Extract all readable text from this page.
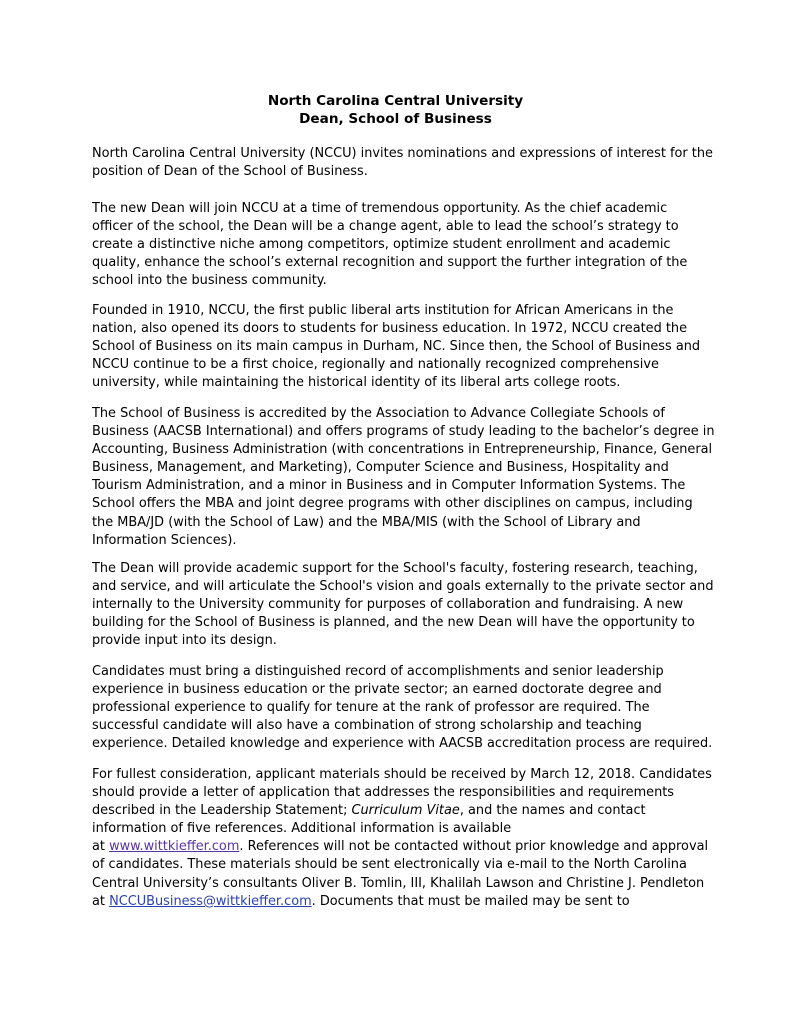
North Carolina Central University
Dean, School of Business
North Carolina Central University (NCCU) invites nominations and expressions of interest for the
position of Dean of the School of Business.
The new Dean will join NCCU at a time of tremendous opportunity. As the chief academic
officer of the school, the Dean will be a change agent, able to lead the school’s strategy to
create a distinctive niche among competitors, optimize student enrollment and academic
quality, enhance the school’s external recognition and support the further integration of the
school into the business community.
Founded in 1910, NCCU, the first public liberal arts institution for African Americans in the
nation, also opened its doors to students for business education. In 1972, NCCU created the
School of Business on its main campus in Durham, NC. Since then, the School of Business and
NCCU continue to be a first choice, regionally and nationally recognized comprehensive
university, while maintaining the historical identity of its liberal arts college roots.
The School of Business is accredited by the Association to Advance Collegiate Schools of
Business (AACSB International) and offers programs of study leading to the bachelor’s degree in
Accounting, Business Administration (with concentrations in Entrepreneurship, Finance, General
Business, Management, and Marketing), Computer Science and Business, Hospitality and
Tourism Administration, and a minor in Business and in Computer Information Systems. The
School offers the MBA and joint degree programs with other disciplines on campus, including
the MBA/JD (with the School of Law) and the MBA/MIS (with the School of Library and
Information Sciences).
The Dean will provide academic support for the School's faculty, fostering research, teaching,
and service, and will articulate the School's vision and goals externally to the private sector and
internally to the University community for purposes of collaboration and fundraising. A new
building for the School of Business is planned, and the new Dean will have the opportunity to
provide input into its design.
Candidates must bring a distinguished record of accomplishments and senior leadership
experience in business education or the private sector; an earned doctorate degree and
professional experience to qualify for tenure at the rank of professor are required. The
successful candidate will also have a combination of strong scholarship and teaching
experience. Detailed knowledge and experience with AACSB accreditation process are required.
For fullest consideration, applicant materials should be received by March 12, 2018. Candidates
should provide a letter of application that addresses the responsibilities and requirements
described in the Leadership Statement; Curriculum Vitae, and the names and contact
information of five references. Additional information is available
at www.wittkieffer.com. References will not be contacted without prior knowledge and approval
of candidates. These materials should be sent electronically via e-mail to the North Carolina
Central University’s consultants Oliver B. Tomlin, III, Khalilah Lawson and Christine J. Pendleton
at NCCUBusiness@wittkieffer.com. Documents that must be mailed may be sent to
